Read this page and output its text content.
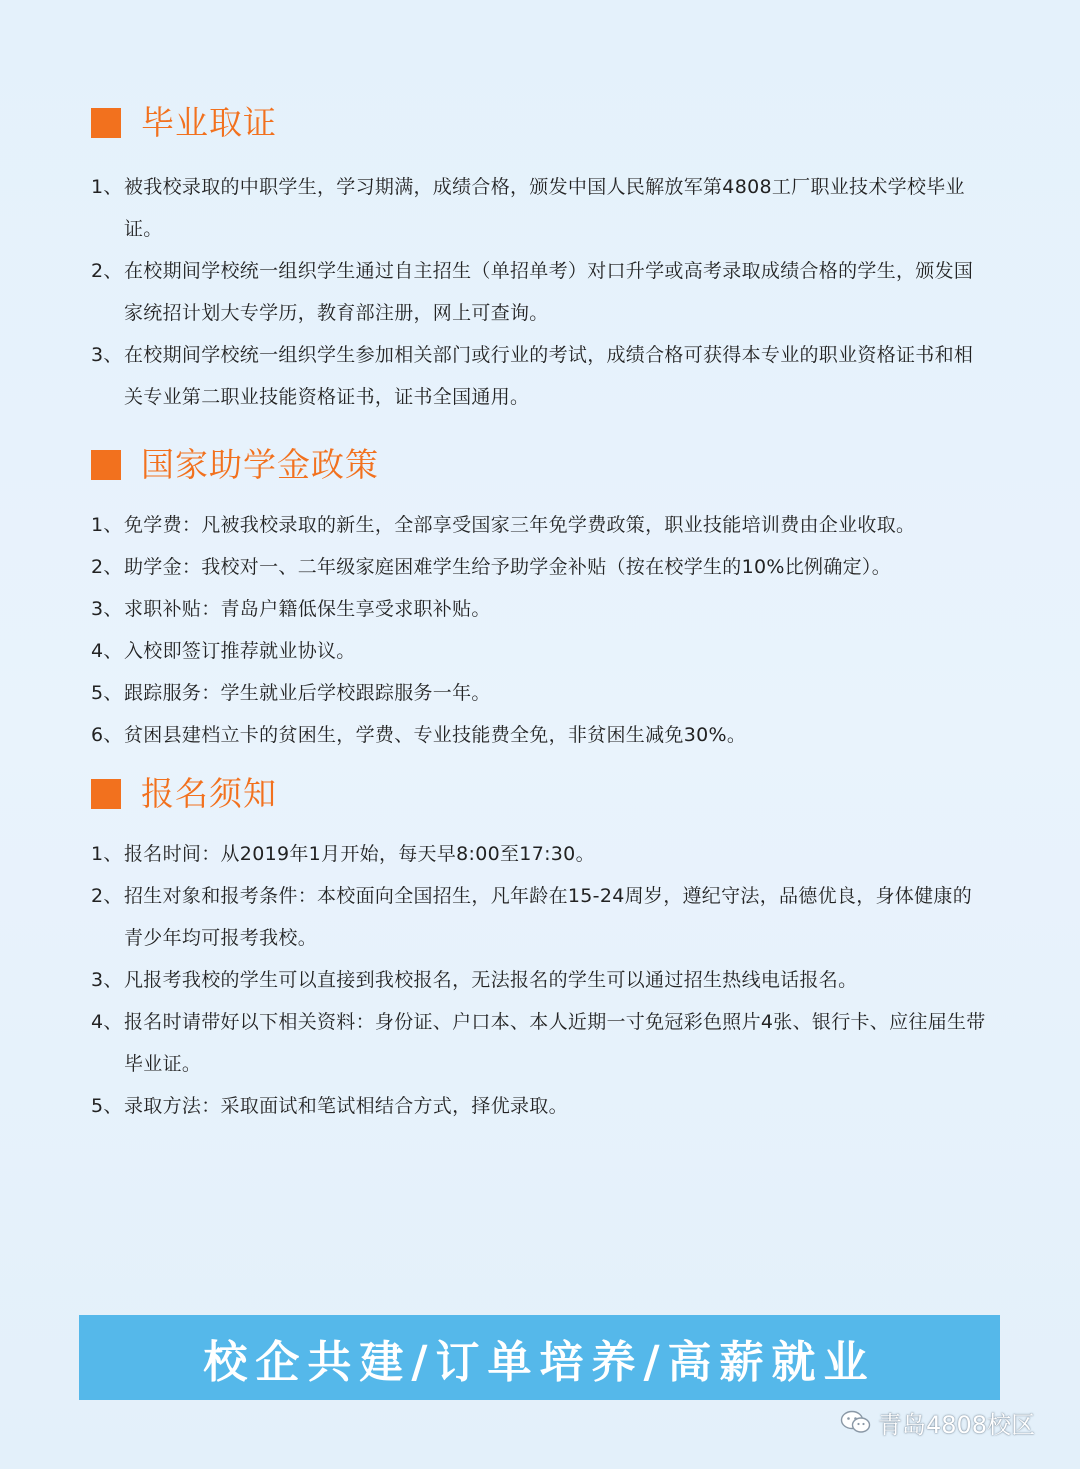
毕业取证
1、 被我校录取的中职学生，学习期满，成绩合格，颁发中国人民解放军第4808工厂职业技术学校毕业证。
2、 在校期间学校统一组织学生通过自主招生（单招单考）对口升学或高考录取成绩合格的学生，颁发国家统招计划大专学历，教育部注册，网上可查询。
3、 在校期间学校统一组织学生参加相关部门或行业的考试，成绩合格可获得本专业的职业资格证书和相关专业第二职业技能资格证书，证书全国通用。
国家助学金政策
1、 免学费：凡被我校录取的新生，全部享受国家三年免学费政策，职业技能培训费由企业收取。
2、 助学金：我校对一、二年级家庭困难学生给予助学金补贴（按在校学生的10%比例确定）。
3、 求职补贴：青岛户籍低保生享受求职补贴。
4、 入校即签订推荐就业协议。
5、 跟踪服务：学生就业后学校跟踪服务一年。
6、 贫困县建档立卡的贫困生，学费、专业技能费全免，非贫困生减免30%。
报名须知
1、 报名时间：从2019年1月开始，每天早8:00至17:30。
2、 招生对象和报考条件：本校面向全国招生，凡年龄在15-24周岁，遵纪守法，品德优良，身体健康的青少年均可报考我校。
3、 凡报考我校的学生可以直接到我校报名，无法报名的学生可以通过招生热线电话报名。
4、 报名时请带好以下相关资料：身份证、户口本、本人近期一寸免冠彩色照片4张、银行卡、应往届生带毕业证。
5、 录取方法：采取面试和笔试相结合方式，择优录取。
校企共建/订单培养/高薪就业
青岛4808校区
